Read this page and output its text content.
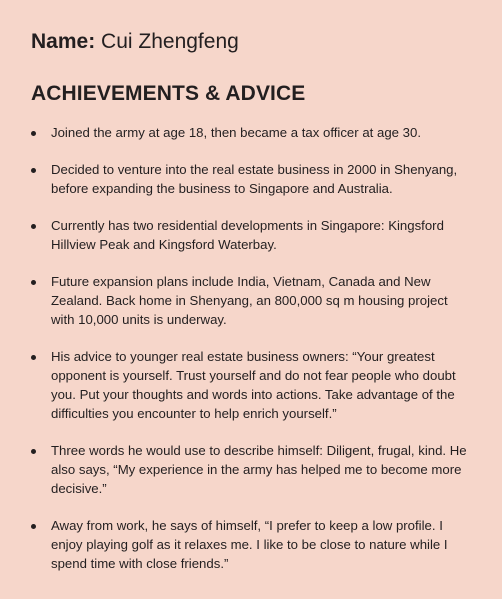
Name: Cui Zhengfeng
ACHIEVEMENTS & ADVICE
Joined the army at age 18, then became a tax officer at age 30.
Decided to venture into the real estate business in 2000 in Shenyang, before expanding the business to Singapore and Australia.
Currently has two residential developments in Singapore: Kingsford Hillview Peak and Kingsford Waterbay.
Future expansion plans include India, Vietnam, Canada and New Zealand. Back home in Shenyang, an 800,000 sq m housing project with 10,000 units is underway.
His advice to younger real estate business owners: “Your greatest opponent is yourself. Trust yourself and do not fear people who doubt you. Put your thoughts and words into actions. Take advantage of the difficulties you encounter to help enrich yourself.”
Three words he would use to describe himself: Diligent, frugal, kind. He also says, “My experience in the army has helped me to become more decisive.”
Away from work, he says of himself, “I prefer to keep a low profile. I enjoy playing golf as it relaxes me. I like to be close to nature while I spend time with close friends.”
